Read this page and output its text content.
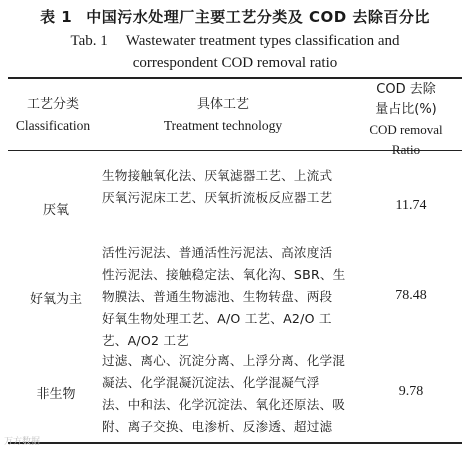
表 1 中国污水处理厂主要工艺分类及 COD 去除百分比
Tab. 1 Wastewater treatment types classification and
correspondent COD removal ratio
工艺分类
Classification
具体工艺
Treatment technology
COD 去除
量占比(%)
COD removal
Ratio
厌氧
生物接触氧化法、厌氧滤器工艺、上流式
厌氧污泥床工艺、厌氧折流板反应器工艺
11.74
好氧为主
活性污泥法、普通活性污泥法、高浓度活
性污泥法、接触稳定法、氧化沟、SBR、生
物膜法、普通生物滤池、生物转盘、两段
好氧生物处理工艺、A/O 工艺、A2/O 工
艺、A/O2 工艺
78.48
非生物
过滤、离心、沉淀分离、上浮分离、化学混
凝法、化学混凝沉淀法、化学混凝气浮
法、中和法、化学沉淀法、氧化还原法、吸
附、离子交换、电渗析、反渗透、超过滤
9.78
万方数据
